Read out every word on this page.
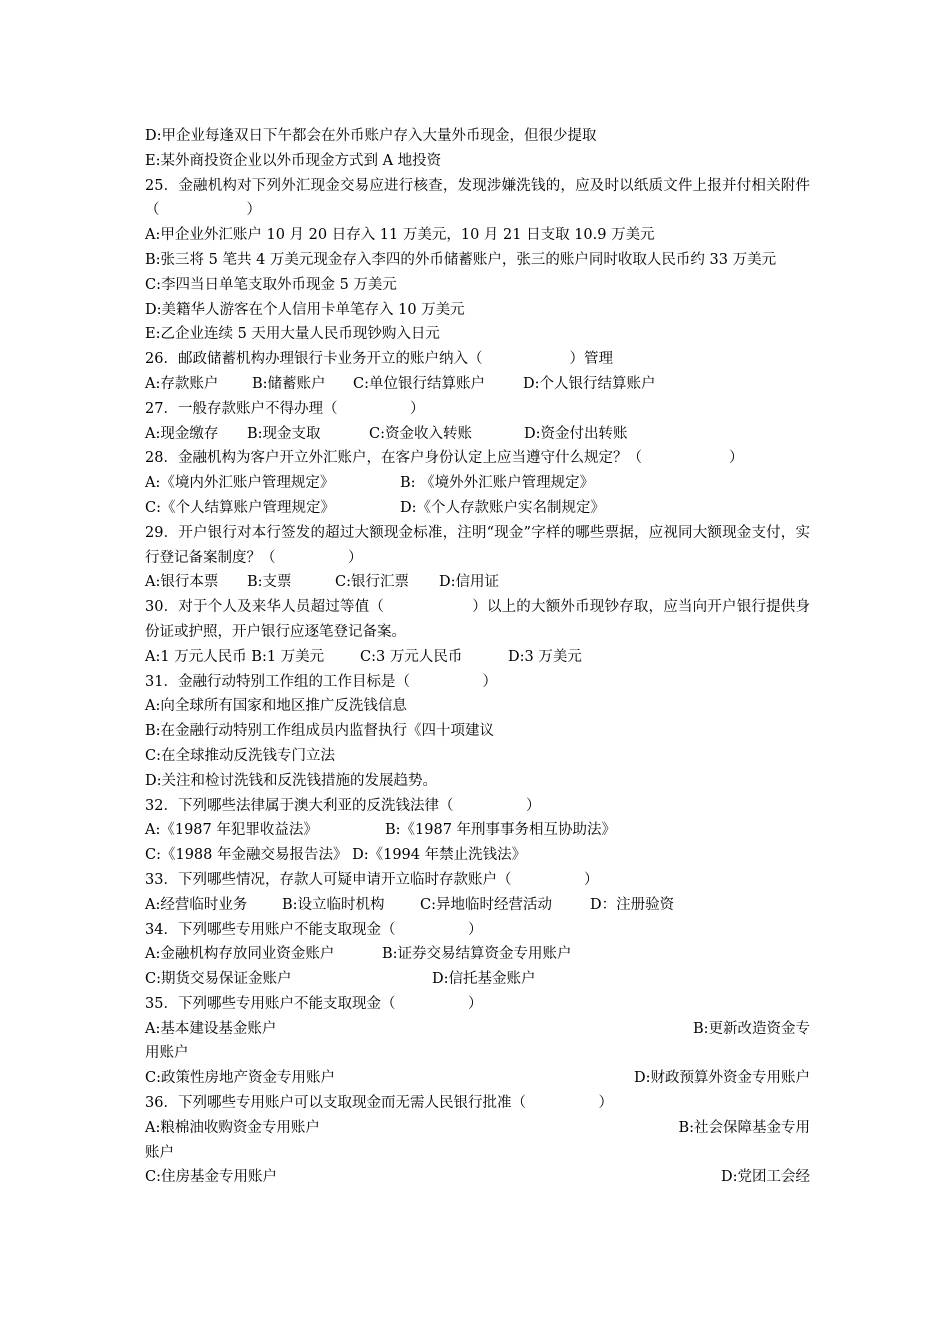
D:甲企业每逢双日下午都会在外币账户存入大量外币现金，但很少提取
E:某外商投资企业以外币现金方式到 A 地投资
25．金融机构对下列外汇现金交易应进行核查，发现涉嫌洗钱的，应及时以纸质文件上报并付相关附件（　　　　　　）
A:甲企业外汇账户 10 月 20 日存入 11 万美元，10 月 21 日支取 10.9 万美元
B:张三将 5 笔共 4 万美元现金存入李四的外币储蓄账户，张三的账户同时收取人民币约 33 万美元
C:李四当日单笔支取外币现金 5 万美元
D:美籍华人游客在个人信用卡单笔存入 10 万美元
E:乙企业连续 5 天用大量人民币现钞购入日元
26．邮政储蓄机构办理银行卡业务开立的账户纳入（　　　　　　）管理
A:存款账户	B:储蓄账户	C:单位银行结算账户	D:个人银行结算账户
27．一般存款账户不得办理（　　　　　）
A:现金缴存	B:现金支取	C:资金收入转账	D:资金付出转账
28．金融机构为客户开立外汇账户，在客户身份认定上应当遵守什么规定？（　　　　　　）
A:《境内外汇账户管理规定》	B: 《境外外汇账户管理规定》
C:《个人结算账户管理规定》	D:《个人存款账户实名制规定》
29．开户银行对本行签发的超过大额现金标准，注明“现金”字样的哪些票据，应视同大额现金支付，实行登记备案制度？（　　　　　）
A:银行本票	B:支票	C:银行汇票	D:信用证
30．对于个人及来华人员超过等值（　　　　　　）以上的大额外币现钞存取，应当向开户银行提供身份证或护照，开户银行应逐笔登记备案。
A:1 万元人民币 B:1 万美元	C:3 万元人民币	D:3 万美元
31．金融行动特别工作组的工作目标是（　　　　　）
A:向全球所有国家和地区推广反洗钱信息
B:在金融行动特别工作组成员内监督执行《四十项建议
C:在全球推动反洗钱专门立法
D:关注和检讨洗钱和反洗钱措施的发展趋势。
32．下列哪些法律属于澳大利亚的反洗钱法律（　　　　　）
A:《1987 年犯罪收益法》	B:《1987 年刑事事务相互协助法》
C:《1988 年金融交易报告法》 D:《1994 年禁止洗钱法》
33．下列哪些情况，存款人可疑申请开立临时存款账户（　　　　　）
A:经营临时业务	B:设立临时机构	C:异地临时经营活动	D：注册验资
34．下列哪些专用账户不能支取现金（　　　　　）
A:金融机构存放同业资金账户	B:证券交易结算资金专用账户
C:期货交易保证金账户	D:信托基金账户
35．下列哪些专用账户不能支取现金（　　　　　）
A:基本建设基金账户	B:更新改造资金专
用账户
C:政策性房地产资金专用账户	D:财政预算外资金专用账户
36．下列哪些专用账户可以支取现金而无需人民银行批准（　　　　　）
A:粮棉油收购资金专用账户	B:社会保障基金专用
账户
C:住房基金专用账户	D:党团工会经
